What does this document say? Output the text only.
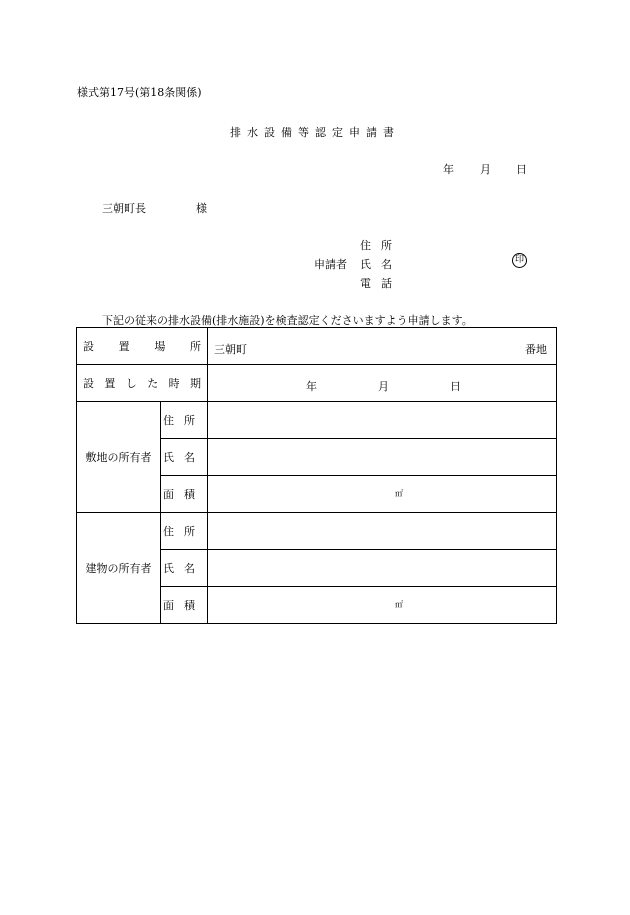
様式第17号(第18条関係)
排水設備等認定申請書
年 月 日
三朝町長	様
住所
申請者 氏名
電話
印
下記の従来の排水設備(排水施設)を検査認定くださいますよう申請します。
設置場所		三朝町 番地

設置した時期		年 月 日

敷地の所有者	住所	
	氏名	
	面積	㎡

建物の所有者	住所	
	氏名	
	面積	㎡
